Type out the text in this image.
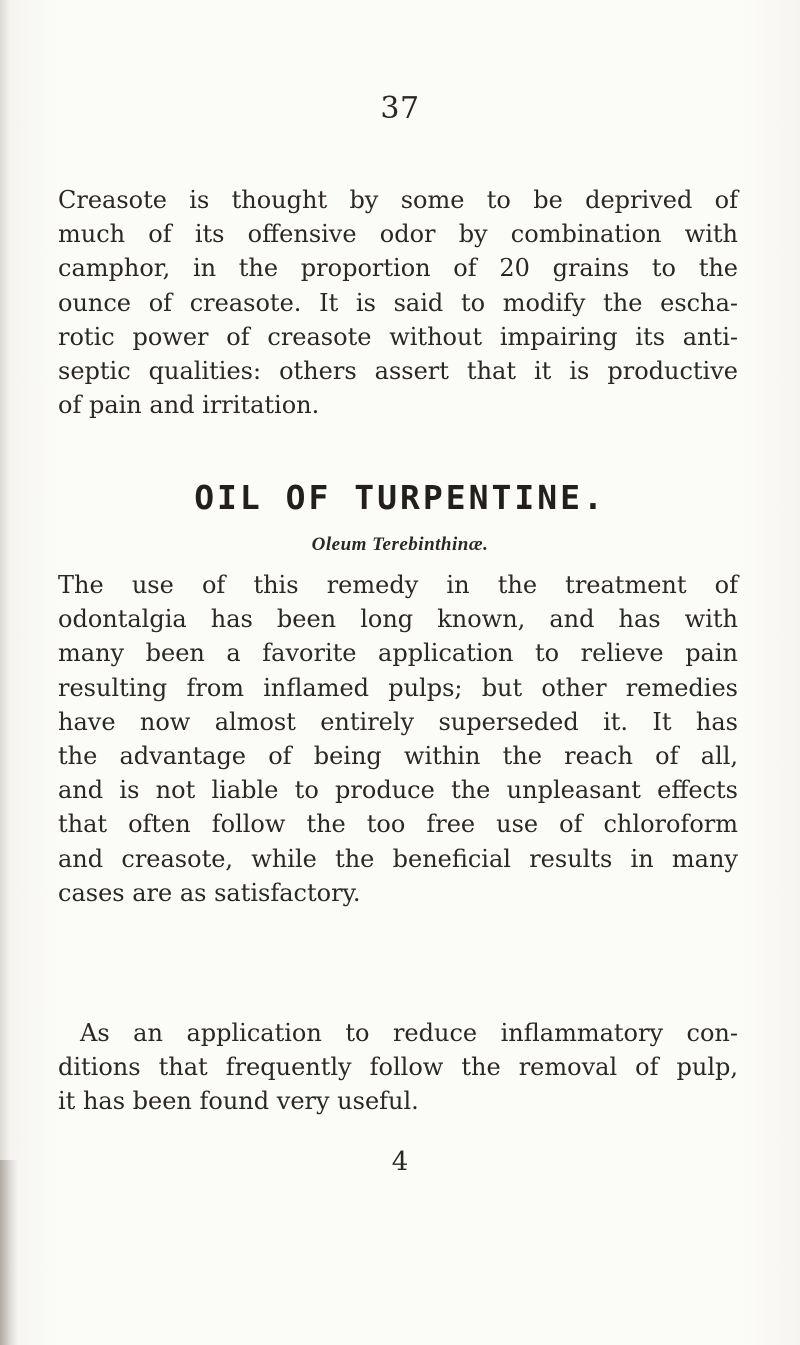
37

Creasote is thought by some to be deprived of
much of its offensive odor by combination with
camphor, in the proportion of 20 grains to the
ounce of creasote. It is said to modify the escha-
rotic power of creasote without impairing its anti-
septic qualities: others assert that it is productive
of pain and irritation.

OIL OF TURPENTINE.
Oleum Terebinthinæ.

The use of this remedy in the treatment of
odontalgia has been long known, and has with
many been a favorite application to relieve pain
resulting from inflamed pulps; but other remedies
have now almost entirely superseded it. It has
the advantage of being within the reach of all,
and is not liable to produce the unpleasant effects
that often follow the too free use of chloroform
and creasote, while the beneficial results in many
cases are as satisfactory.

As an application to reduce inflammatory con-
ditions that frequently follow the removal of pulp,
it has been found very useful.

4
